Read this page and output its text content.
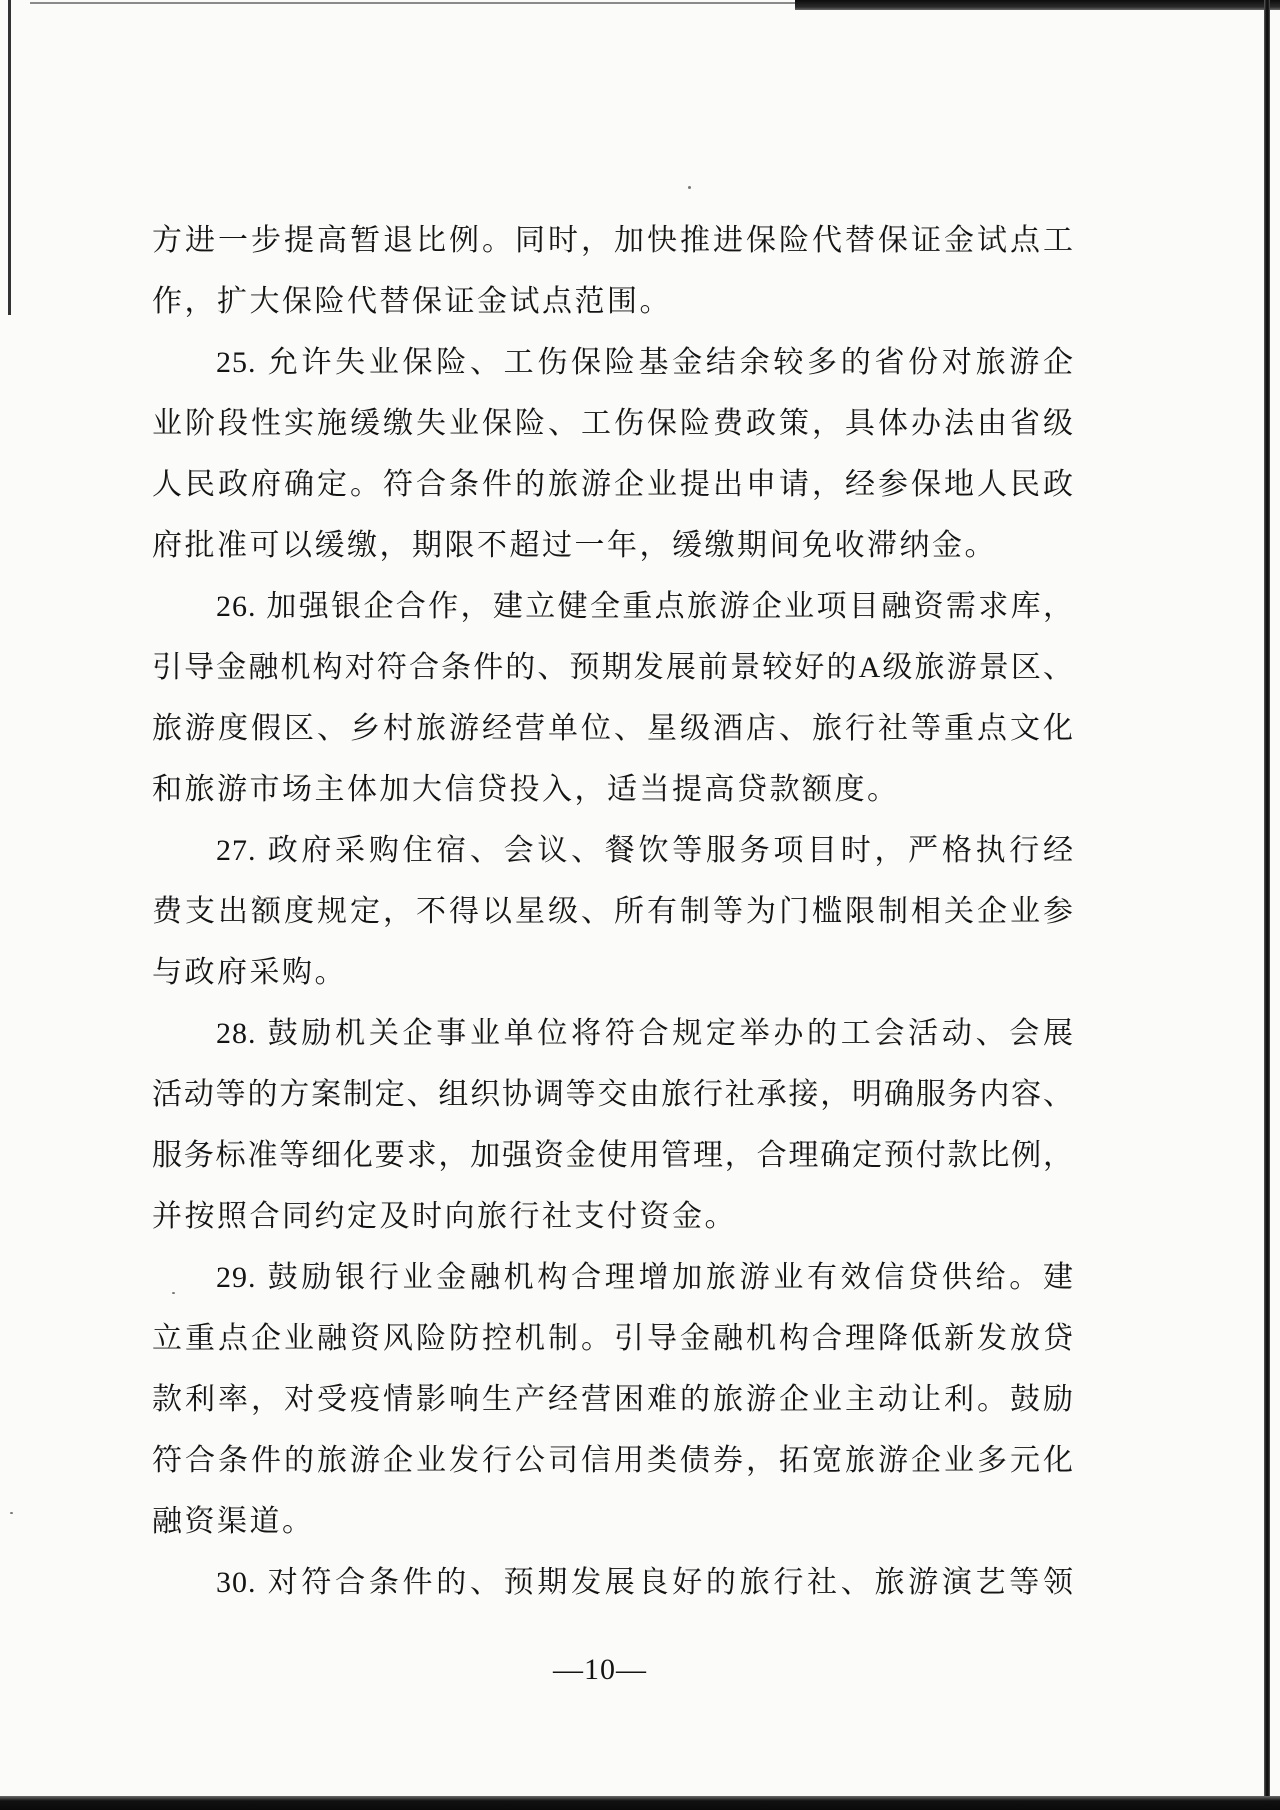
方进一步提高暂退比例。同时，加快推进保险代替保证金试点工
作，扩大保险代替保证金试点范围。
25. 允许失业保险、工伤保险基金结余较多的省份对旅游企
业阶段性实施缓缴失业保险、工伤保险费政策，具体办法由省级
人民政府确定。符合条件的旅游企业提出申请，经参保地人民政
府批准可以缓缴，期限不超过一年，缓缴期间免收滞纳金。
26. 加强银企合作，建立健全重点旅游企业项目融资需求库，
引导金融机构对符合条件的、预期发展前景较好的A级旅游景区、
旅游度假区、乡村旅游经营单位、星级酒店、旅行社等重点文化
和旅游市场主体加大信贷投入，适当提高贷款额度。
27. 政府采购住宿、会议、餐饮等服务项目时，严格执行经
费支出额度规定，不得以星级、所有制等为门槛限制相关企业参
与政府采购。
28. 鼓励机关企事业单位将符合规定举办的工会活动、会展
活动等的方案制定、组织协调等交由旅行社承接，明确服务内容、
服务标准等细化要求，加强资金使用管理，合理确定预付款比例，
并按照合同约定及时向旅行社支付资金。
29. 鼓励银行业金融机构合理增加旅游业有效信贷供给。建
立重点企业融资风险防控机制。引导金融机构合理降低新发放贷
款利率，对受疫情影响生产经营困难的旅游企业主动让利。鼓励
符合条件的旅游企业发行公司信用类债券，拓宽旅游企业多元化
融资渠道。
30. 对符合条件的、预期发展良好的旅行社、旅游演艺等领
—10—
